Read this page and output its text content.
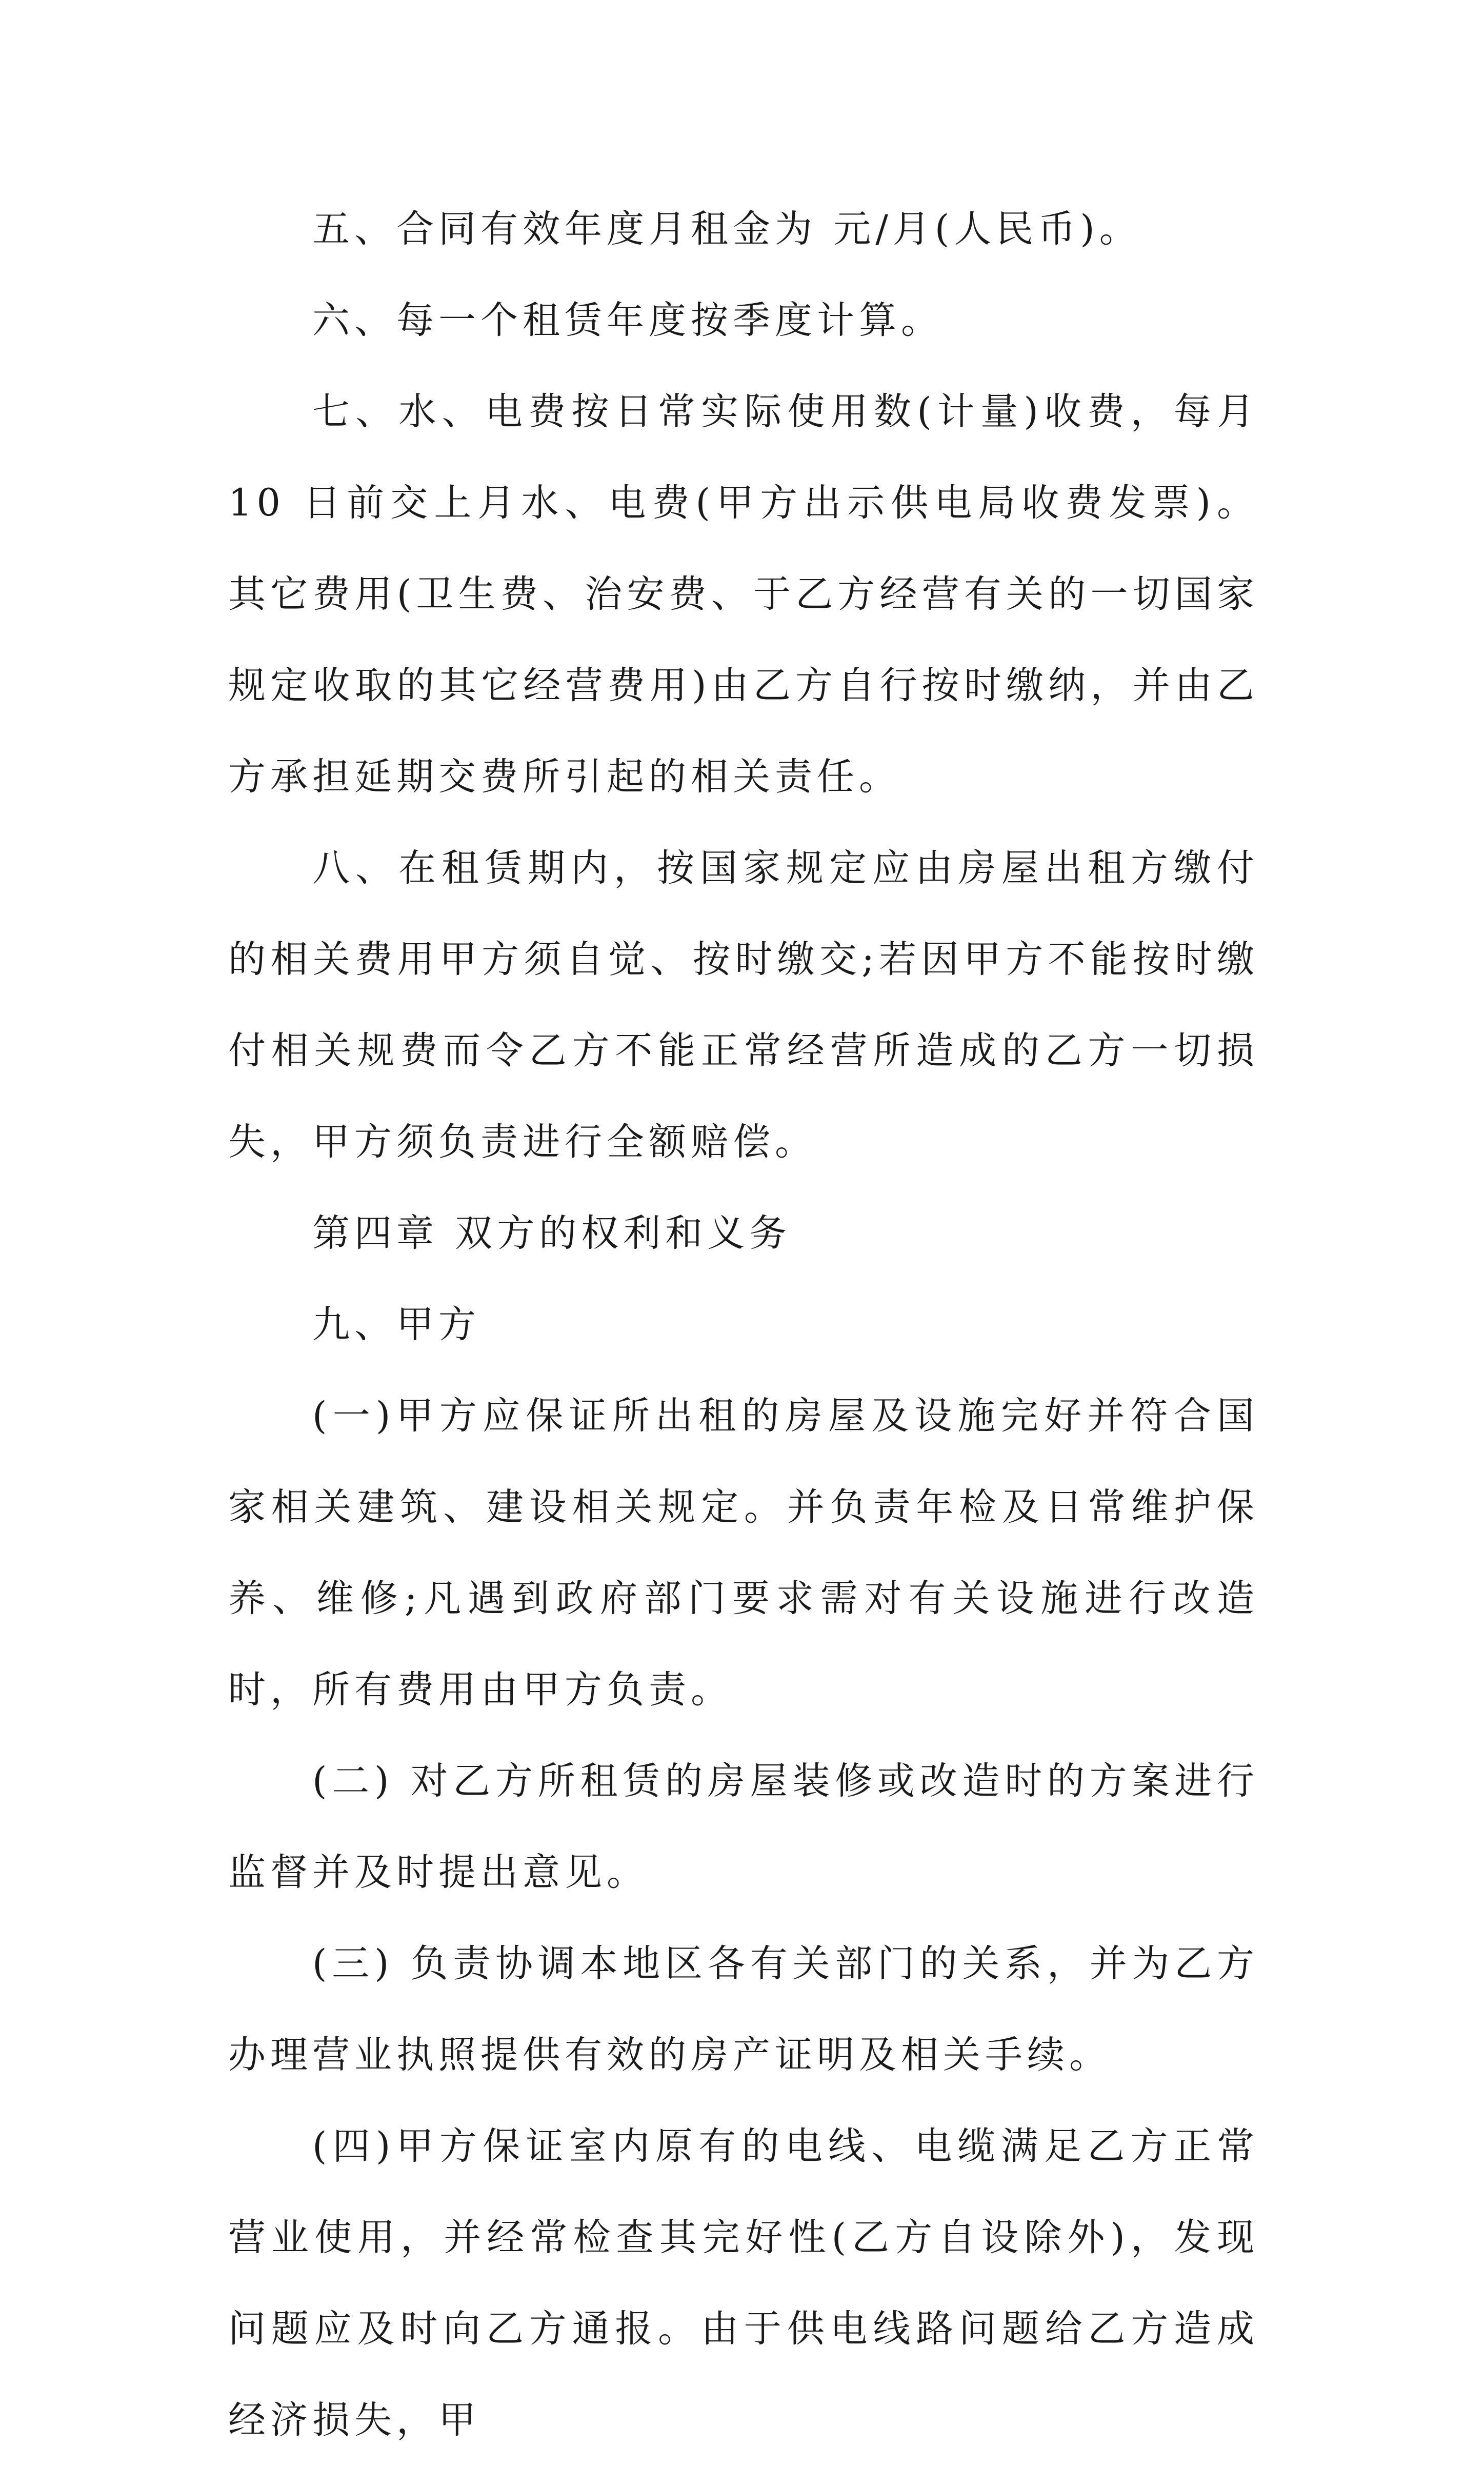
五、合同有效年度月租金为 元/月(人民币)。

六、每一个租赁年度按季度计算。

七、水、电费按日常实际使用数(计量)收费，每月 10 日前交上月水、电费(甲方出示供电局收费发票)。其它费用(卫生费、治安费、于乙方经营有关的一切国家规定收取的其它经营费用)由乙方自行按时缴纳，并由乙方承担延期交费所引起的相关责任。

八、在租赁期内，按国家规定应由房屋出租方缴付的相关费用甲方须自觉、按时缴交;若因甲方不能按时缴付相关规费而令乙方不能正常经营所造成的乙方一切损失，甲方须负责进行全额赔偿。

第四章 双方的权利和义务

九、甲方

(一)甲方应保证所出租的房屋及设施完好并符合国家相关建筑、建设相关规定。并负责年检及日常维护保养、维修;凡遇到政府部门要求需对有关设施进行改造时，所有费用由甲方负责。

(二) 对乙方所租赁的房屋装修或改造时的方案进行监督并及时提出意见。

(三) 负责协调本地区各有关部门的关系，并为乙方办理营业执照提供有效的房产证明及相关手续。

(四)甲方保证室内原有的电线、电缆满足乙方正常营业使用，并经常检查其完好性(乙方自设除外)，发现问题应及时向乙方通报。由于供电线路问题给乙方造成经济损失，甲
